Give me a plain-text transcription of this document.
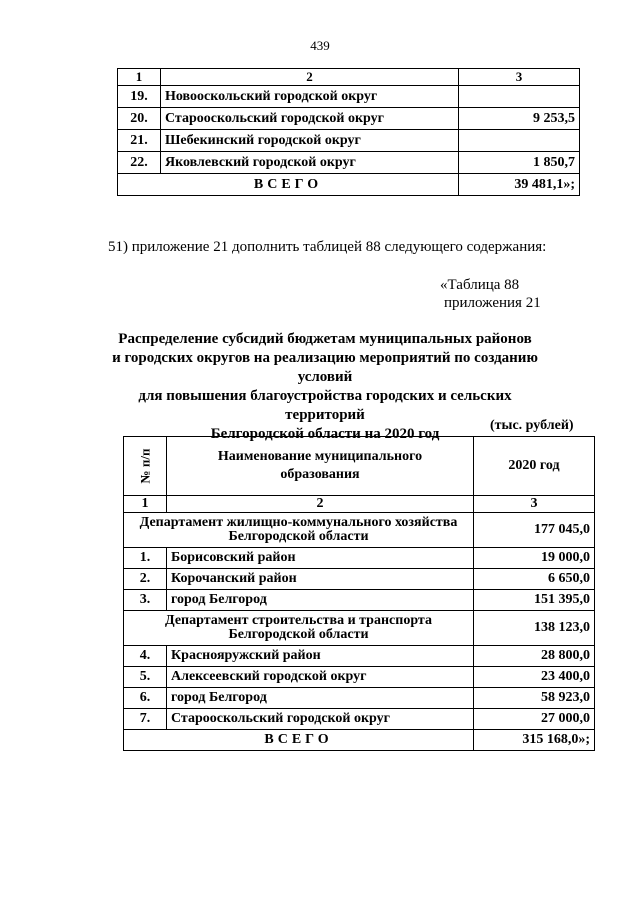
439
1	2	3
19.	Новооскольский городской округ	
20.	Старооскольский городской округ	9 253,5
21.	Шебекинский городской округ	
22.	Яковлевский городской округ	1 850,7
ВСЕГО		39 481,1»;
51) приложение 21 дополнить таблицей 88 следующего содержания:
«Таблица 88
приложения 21
Распределение субсидий бюджетам муниципальных районов
и городских округов на реализацию мероприятий по созданию условий
для повышения благоустройства городских и сельских территорий
Белгородской области на 2020 год
(тыс. рублей)
№ п/п	Наименование муниципального образования	2020 год
1	2	3
Департамент жилищно-коммунального хозяйства Белгородской области		177 045,0
1.	Борисовский район	19 000,0
2.	Корочанский район	6 650,0
3.	город Белгород	151 395,0
Департамент строительства и транспорта Белгородской области		138 123,0
4.	Краснояружский район	28 800,0
5.	Алексеевский городской округ	23 400,0
6.	город Белгород	58 923,0
7.	Старооскольский городской округ	27 000,0
ВСЕГО		315 168,0»;
